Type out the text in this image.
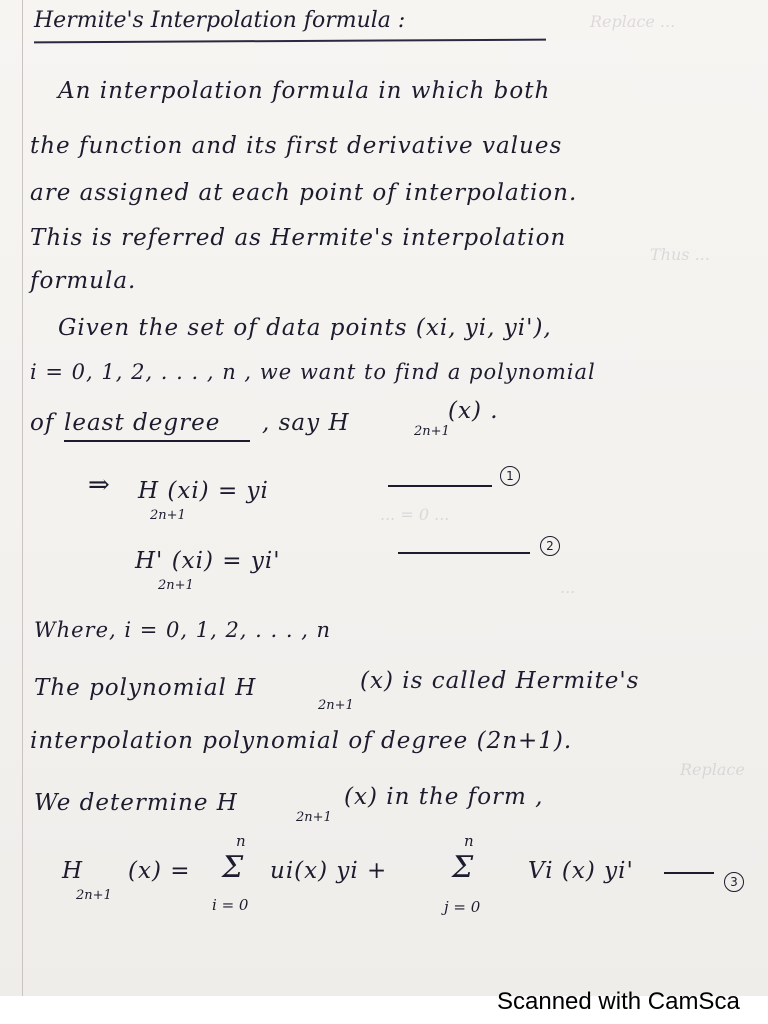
Replace ...
Thus ...
... = 0 ...
...
Replace
Hermite's Interpolation formula :
An interpolation formula in which both
the function and its first derivative values
are assigned at each point of interpolation.
This is referred as Hermite's interpolation
formula.
Given the set of data points (xi, yi, yi'),
i = 0, 1, 2, . . . , n , we want to find a polynomial
of least degree , say H	2n+1
(x) .
⇒ H (xi) = yi
2n+1
1
H' (xi) = yi'
2n+1
2
Where, i = 0, 1, 2, . . . , n
The polynomial H
2n+1
(x) is called Hermite's
interpolation polynomial of degree (2n+1).
We determine H
2n+1
(x) in the form ,
H
2n+1
(x) =
n
Σ
i = 0
ui(x) yi +
n
Σ
j = 0
Vi (x) yi'	3
Scanned with CamSca
